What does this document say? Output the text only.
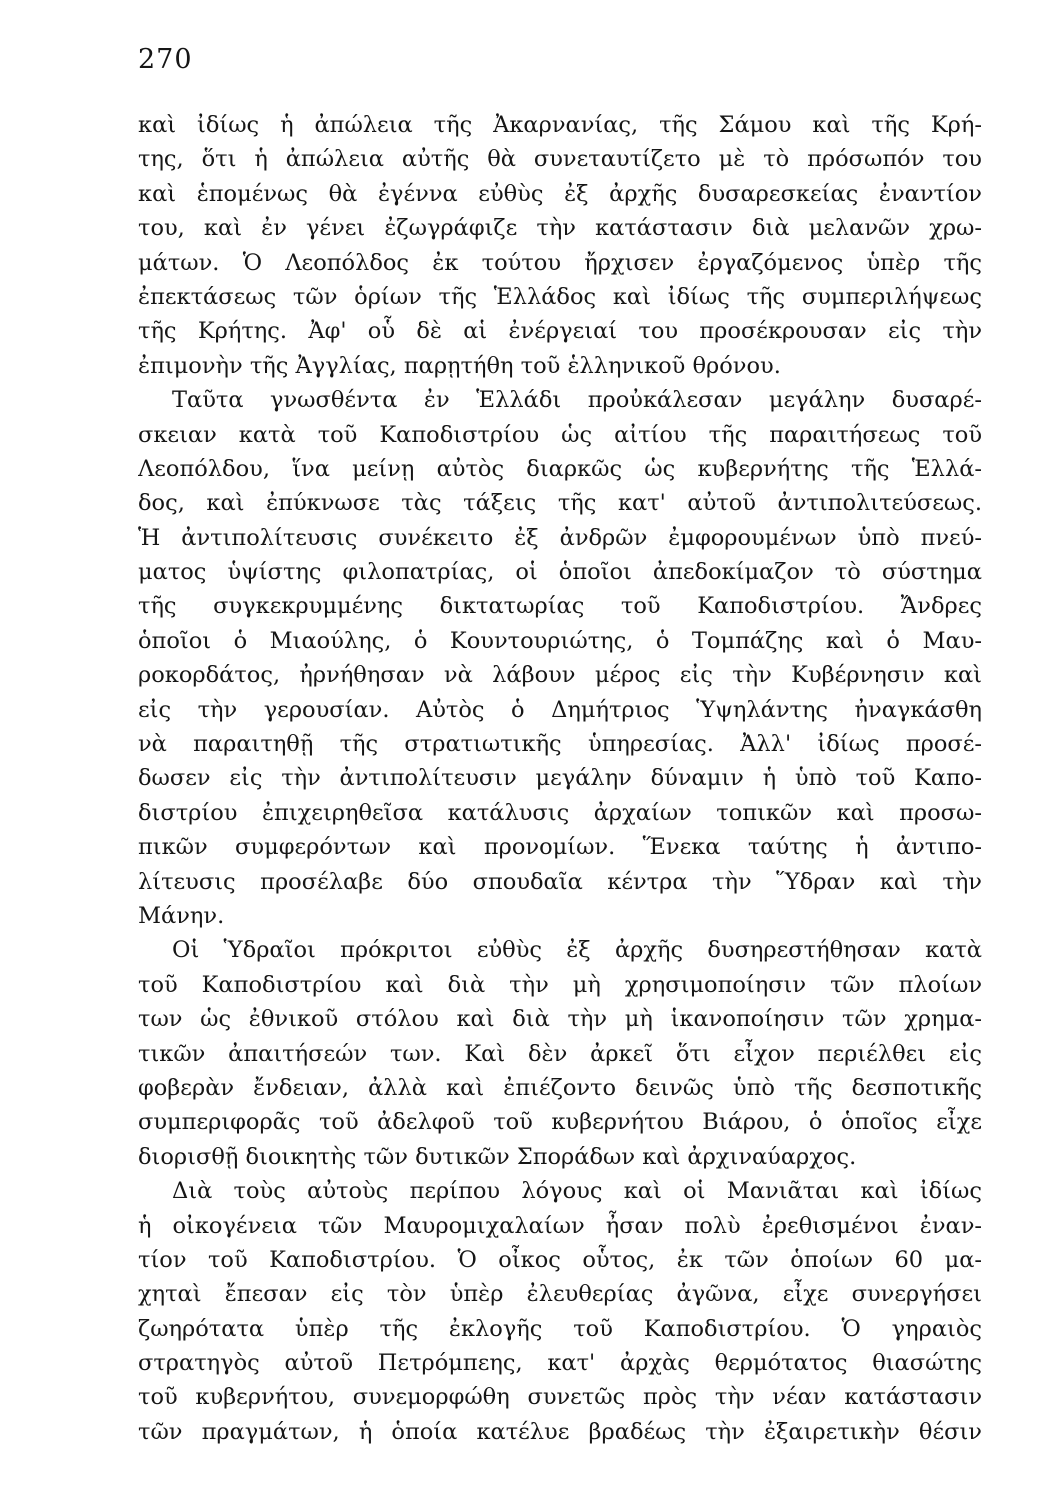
270
καὶ ἰδίως ἡ ἀπώλεια τῆς Ἀκαρνανίας, τῆς Σάμου καὶ τῆς Κρή-
της, ὅτι ἡ ἀπώλεια αὐτῆς θὰ συνεταυτίζετο μὲ τὸ πρόσωπόν του
καὶ ἑπομένως θὰ ἐγέννα εὐθὺς ἐξ ἀρχῆς δυσαρεσκείας ἐναντίον
του, καὶ ἐν γένει ἐζωγράφιζε τὴν κατάστασιν διὰ μελανῶν χρω-
μάτων. Ὁ Λεοπόλδος ἐκ τούτου ἤρχισεν ἐργαζόμενος ὑπὲρ τῆς
ἐπεκτάσεως τῶν ὁρίων τῆς Ἑλλάδος καὶ ἰδίως τῆς συμπεριλήψεως
τῆς Κρήτης. Ἀφ' οὗ δὲ αἱ ἐνέργειαί του προσέκρουσαν εἰς τὴν
ἐπιμονὴν τῆς Ἀγγλίας, παρῃτήθη τοῦ ἑλληνικοῦ θρόνου.
Ταῦτα γνωσθέντα ἐν Ἑλλάδι προὐκάλεσαν μεγάλην δυσαρέ-
σκειαν κατὰ τοῦ Καποδιστρίου ὡς αἰτίου τῆς παραιτήσεως τοῦ
Λεοπόλδου, ἵνα μείνῃ αὐτὸς διαρκῶς ὡς κυβερνήτης τῆς Ἑλλά-
δος, καὶ ἐπύκνωσε τὰς τάξεις τῆς κατ' αὐτοῦ ἀντιπολιτεύσεως.
Ἡ ἀντιπολίτευσις συνέκειτο ἐξ ἀνδρῶν ἐμφορουμένων ὑπὸ πνεύ-
ματος ὑψίστης φιλοπατρίας, οἱ ὁποῖοι ἀπεδοκίμαζον τὸ σύστημα
τῆς συγκεκρυμμένης δικτατωρίας τοῦ Καποδιστρίου. Ἄνδρες
ὁποῖοι ὁ Μιαούλης, ὁ Κουντουριώτης, ὁ Τομπάζης καὶ ὁ Μαυ-
ροκορδάτος, ἠρνήθησαν νὰ λάβουν μέρος εἰς τὴν Κυβέρνησιν καὶ
εἰς τὴν γερουσίαν. Αὐτὸς ὁ Δημήτριος Ὑψηλάντης ἠναγκάσθη
νὰ παραιτηθῇ τῆς στρατιωτικῆς ὑπηρεσίας. Ἀλλ' ἰδίως προσέ-
δωσεν εἰς τὴν ἀντιπολίτευσιν μεγάλην δύναμιν ἡ ὑπὸ τοῦ Καπο-
διστρίου ἐπιχειρηθεῖσα κατάλυσις ἀρχαίων τοπικῶν καὶ προσω-
πικῶν συμφερόντων καὶ προνομίων. Ἕνεκα ταύτης ἡ ἀντιπο-
λίτευσις προσέλαβε δύο σπουδαῖα κέντρα τὴν Ὕδραν καὶ τὴν
Μάνην.
Οἱ Ὑδραῖοι πρόκριτοι εὐθὺς ἐξ ἀρχῆς δυσηρεστήθησαν κατὰ
τοῦ Καποδιστρίου καὶ διὰ τὴν μὴ χρησιμοποίησιν τῶν πλοίων
των ὡς ἐθνικοῦ στόλου καὶ διὰ τὴν μὴ ἱκανοποίησιν τῶν χρημα-
τικῶν ἀπαιτήσεών των. Καὶ δὲν ἀρκεῖ ὅτι εἶχον περιέλθει εἰς
φοβερὰν ἔνδειαν, ἀλλὰ καὶ ἐπιέζοντο δεινῶς ὑπὸ τῆς δεσποτικῆς
συμπεριφορᾶς τοῦ ἀδελφοῦ τοῦ κυβερνήτου Βιάρου, ὁ ὁποῖος εἶχε
διορισθῇ διοικητὴς τῶν δυτικῶν Σποράδων καὶ ἀρχιναύαρχος.
Διὰ τοὺς αὐτοὺς περίπου λόγους καὶ οἱ Μανιᾶται καὶ ἰδίως
ἡ οἰκογένεια τῶν Μαυρομιχαλαίων ἦσαν πολὺ ἐρεθισμένοι ἐναν-
τίον τοῦ Καποδιστρίου. Ὁ οἶκος οὗτος, ἐκ τῶν ὁποίων 60 μα-
χηταὶ ἔπεσαν εἰς τὸν ὑπὲρ ἐλευθερίας ἀγῶνα, εἶχε συνεργήσει
ζωηρότατα ὑπὲρ τῆς ἐκλογῆς τοῦ Καποδιστρίου. Ὁ γηραιὸς
στρατηγὸς αὐτοῦ Πετρόμπεης, κατ' ἀρχὰς θερμότατος θιασώτης
τοῦ κυβερνήτου, συνεμορφώθη συνετῶς πρὸς τὴν νέαν κατάστασιν
τῶν πραγμάτων, ἡ ὁποία κατέλυε βραδέως τὴν ἐξαιρετικὴν θέσιν
